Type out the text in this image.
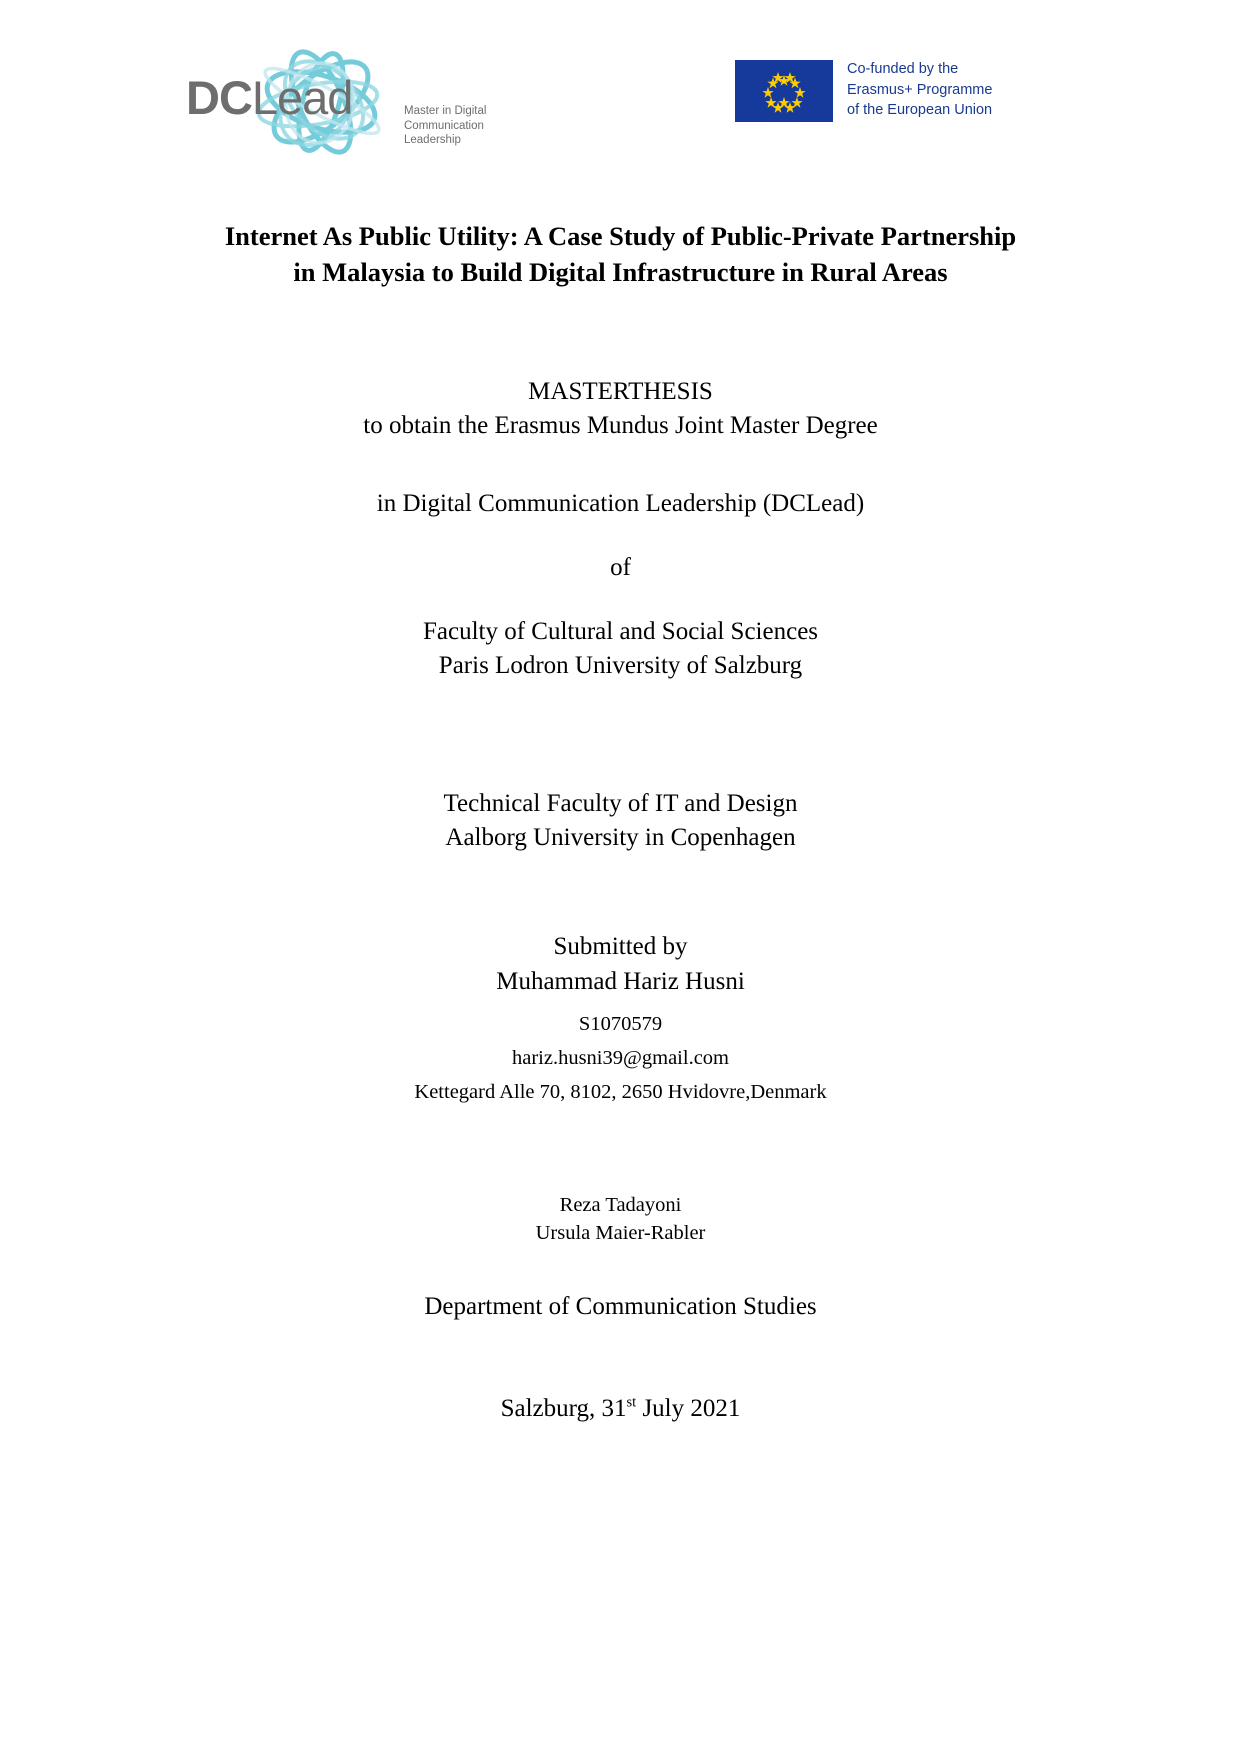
DCLead	Master in Digital
Communication
Leadership
Co-funded by the
Erasmus+ Programme
of the European Union
Internet As Public Utility: A Case Study of Public-Private Partnership
in Malaysia to Build Digital Infrastructure in Rural Areas
MASTERTHESIS
to obtain the Erasmus Mundus Joint Master Degree
in Digital Communication Leadership (DCLead)
of
Faculty of Cultural and Social Sciences
Paris Lodron University of Salzburg
Technical Faculty of IT and Design
Aalborg University in Copenhagen
Submitted by
Muhammad Hariz Husni
S1070579
hariz.husni39@gmail.com
Kettegard Alle 70, 8102, 2650 Hvidovre,Denmark
Reza Tadayoni
Ursula Maier-Rabler
Department of Communication Studies
Salzburg, 31st July 2021
